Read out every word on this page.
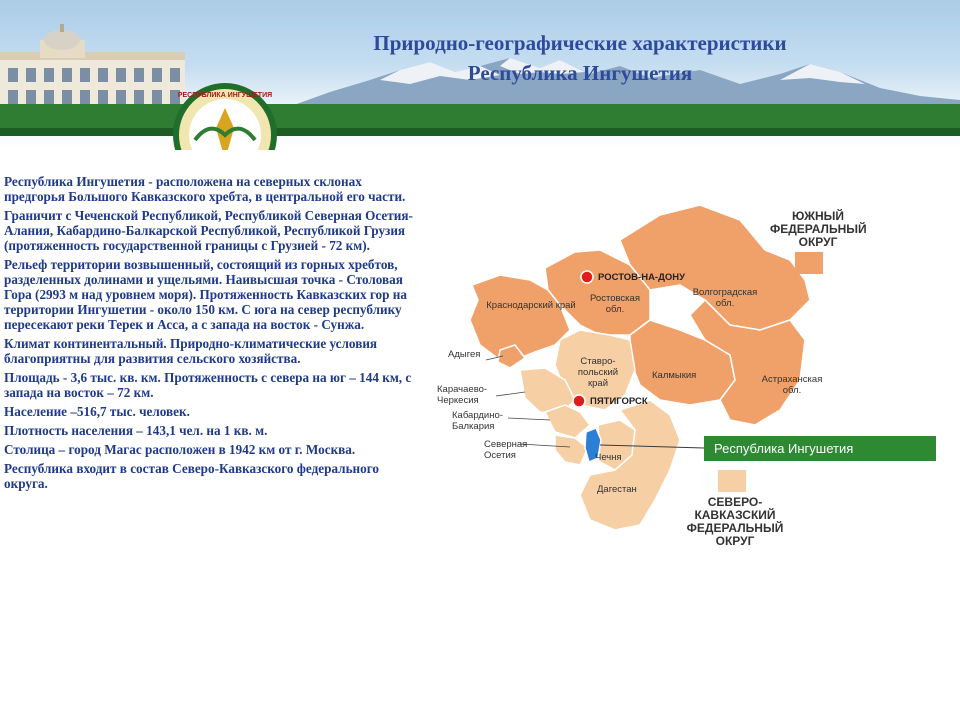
РЕСПУБЛИКА ИНГУШЕТИЯ
Природно-географические характеристики
Республика Ингушетия

Республика Ингушетия - расположена на северных склонах предгорья Большого Кавказского хребта, в центральной его части.

Граничит с Чеченской Республикой, Республикой Северная Осетия-Алания, Кабардино-Балкарской Республикой, Республикой Грузия (протяженность государственной границы с Грузией - 72 км).

Рельеф территории возвышенный, состоящий из горных хребтов, разделенных долинами и ущельями. Наивысшая точка - Столовая Гора (2993 м над уровнем моря). Протяженность Кавказских гор на территории Ингушетии - около 150 км. С юга на север республику пересекают реки Терек и Асса, а с запада на восток - Сунжа.

Климат континентальный. Природно-климатические условия благоприятны для развития сельского хозяйства.

Площадь - 3,6 тыс. кв. км. Протяженность с севера на юг – 144 км, с запада на восток – 72 км.

Население –516,7 тыс. человек.

Плотность населения – 143,1 чел. на 1 кв. м.

Столица – город Магас расположен в 1942 км от г. Москва.

Республика входит в состав Северо-Кавказского федерального округа.

РОСТОВ-НА-ДОНУ
ПЯТИГОРСК
Краснодарский край
Ростовская обл.
Волгоградская обл.
Адыгея
Ставро- польский край
Калмыкия
Карачаево- Черкесия
Астраханская обл.
Кабардино- Балкария
Северная Осетия	Чечня
Дагестан
ЮЖНЫЙ ФЕДЕРАЛЬНЫЙ ОКРУГ
СЕВЕРО-КАВКАЗСКИЙ ФЕДЕРАЛЬНЫЙ ОКРУГ
Республика Ингушетия
